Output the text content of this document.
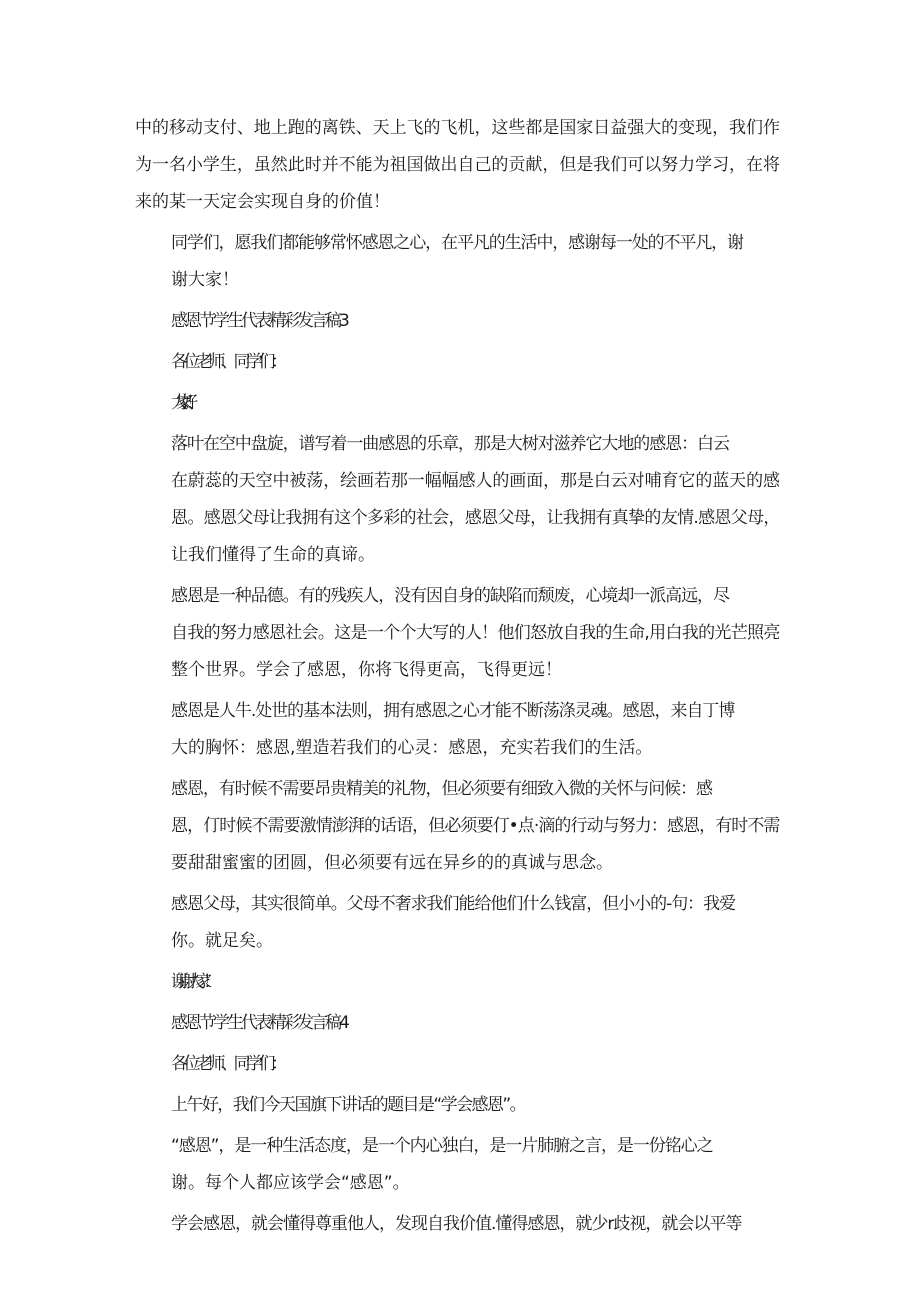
中的移动支付、地上跑的离铁、天上飞的飞机，这些都是国家日益强大的变现，我们作
为一名小学生，虽然此时并不能为祖国做出自己的贡献，但是我们可以努力学习，在将
来的某一天定会实现自身的价值！

同学们，愿我们都能够常怀感恩之心，在平凡的生活中，感谢每一处的不平凡，谢
谢大家！

感恩节学生代表精彩发言稿3

各位老师、同学们：

大家好！

落叶在空中盘旋，谱写着一曲感恩的乐章，那是大树对滋养它大地的感恩：白云
在蔚蕊的天空中被荡，绘画若那一幅幅感人的画面，那是白云对哺育它的蓝天的感
恩。感恩父母让我拥有这个多彩的社会，感恩父母，让我拥有真挚的友情.感恩父母，
让我们懂得了生命的真谛。

感恩是一种品德。有的残疾人，没有因自身的缺陷而颓废，心境却一派高远，尽
自我的努力感恩社会。这是一个个大写的人！他们怒放自我的生命,用白我的光芒照亮
整个世界。学会了感恩，你将飞得更高，飞得更远！

感恩是人牛.处世的基本法则，拥有感恩之心才能不断荡涤灵魂。感恩，来自丁博
大的胸怀：感恩,塑造若我们的心灵：感恩，充实若我们的生活。

感恩，有时候不需要昂贵精美的礼物，但必须要有细致入微的关怀与问候：感
恩，仃时候不需要激情澎湃的话语，但必须要仃•点·滴的行动与努力：感恩，有时不需
要甜甜蜜蜜的团圆，但必须要有远在异乡的的真诚与思念。

感恩父母，其实很简单。父母不奢求我们能给他们什么钱富，但小小的-句：我爱
你。就足矣。

谢谢大家！

感恩节学生代表精彩发言稿4

各位老师、同学们：

上午好，我们今天国旗下讲话的题目是“学会感恩”。

“感恩”，是一种生活态度，是一个内心独白，是一片肺腑之言，是一份铭心之
谢。每个人都应该学会“感恩”。

学会感恩，就会懂得尊重他人，发现自我价值.懂得感恩，就少r歧视，就会以平等
